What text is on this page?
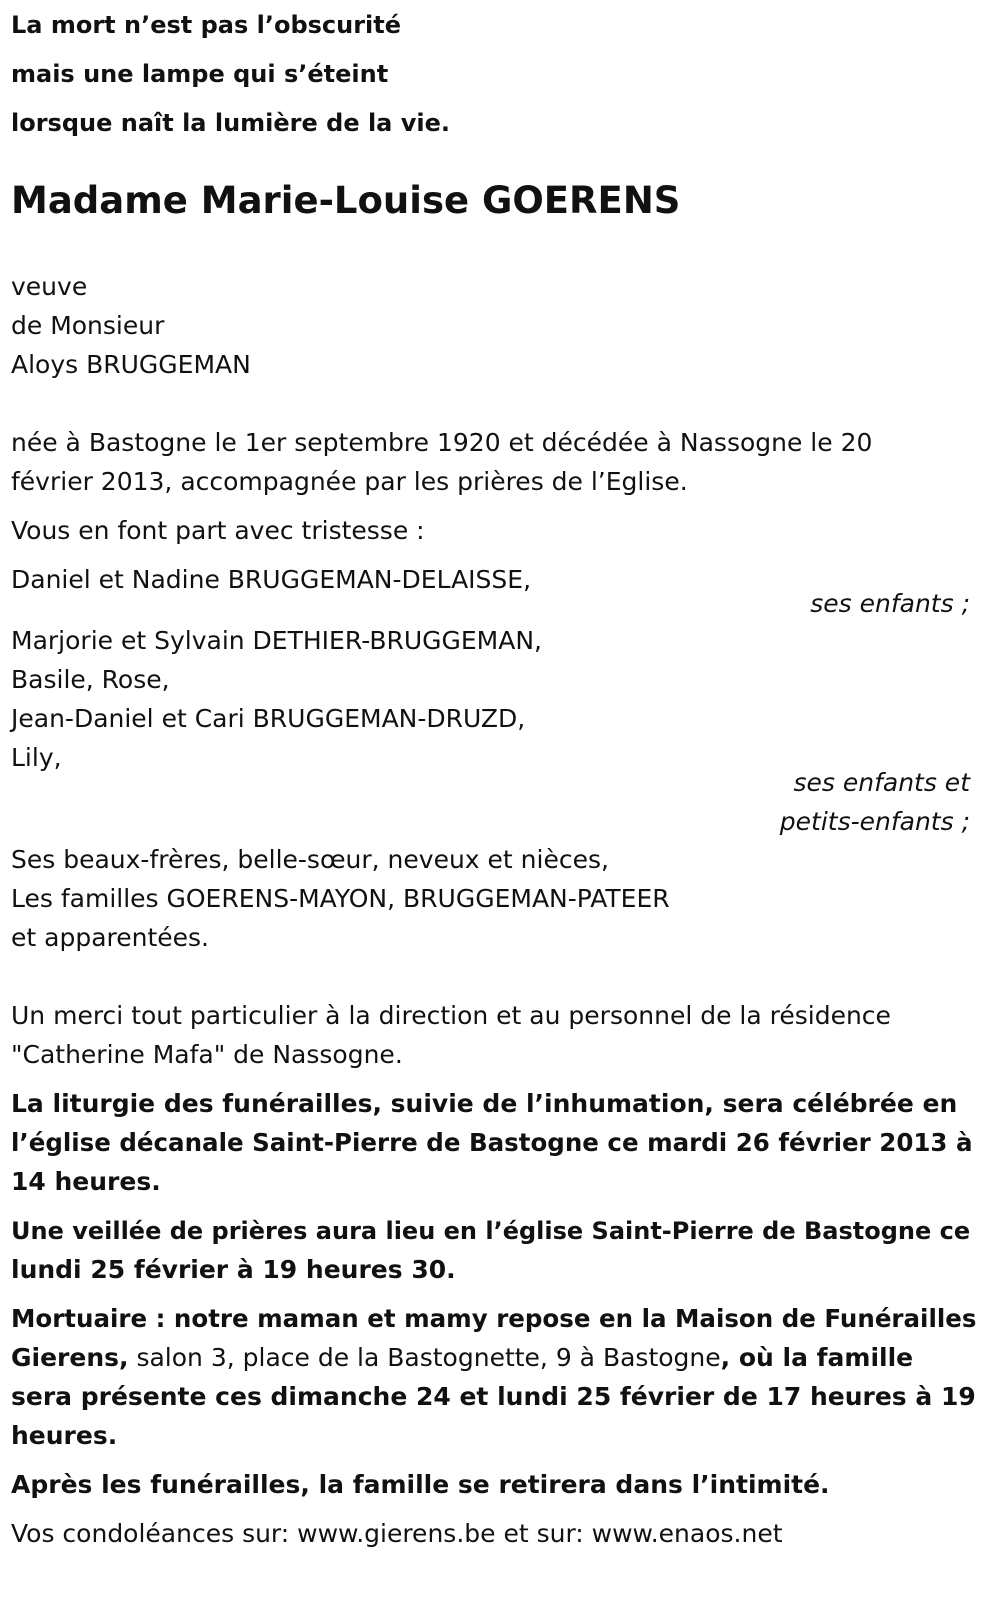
La mort n’est pas l’obscurité
mais une lampe qui s’éteint
lorsque naît la lumière de la vie.
Madame Marie-Louise GOERENS
veuve
de Monsieur
Aloys BRUGGEMAN
née à Bastogne le 1er septembre 1920 et décédée à Nassogne le 20
février 2013, accompagnée par les prières de l’Eglise.
Vous en font part avec tristesse :
Daniel et Nadine BRUGGEMAN-DELAISSE,
ses enfants ;
Marjorie et Sylvain DETHIER-BRUGGEMAN,
Basile, Rose,
Jean-Daniel et Cari BRUGGEMAN-DRUZD,
Lily,
ses enfants et
petits-enfants ;
Ses beaux-frères, belle-sœur, neveux et nièces,
Les familles GOERENS-MAYON, BRUGGEMAN-PATEER
et apparentées.
Un merci tout particulier à la direction et au personnel de la résidence
"Catherine Mafa" de Nassogne.
La liturgie des funérailles, suivie de l’inhumation, sera célébrée en
l’église décanale Saint-Pierre de Bastogne ce mardi 26 février 2013 à
14 heures.
Une veillée de prières aura lieu en l’église Saint-Pierre de Bastogne ce
lundi 25 février à 19 heures 30.
Mortuaire : notre maman et mamy repose en la Maison de Funérailles
Gierens, salon 3, place de la Bastognette, 9 à Bastogne, où la famille
sera présente ces dimanche 24 et lundi 25 février de 17 heures à 19
heures.
Après les funérailles, la famille se retirera dans l’intimité.
Vos condoléances sur: www.gierens.be et sur: www.enaos.net
